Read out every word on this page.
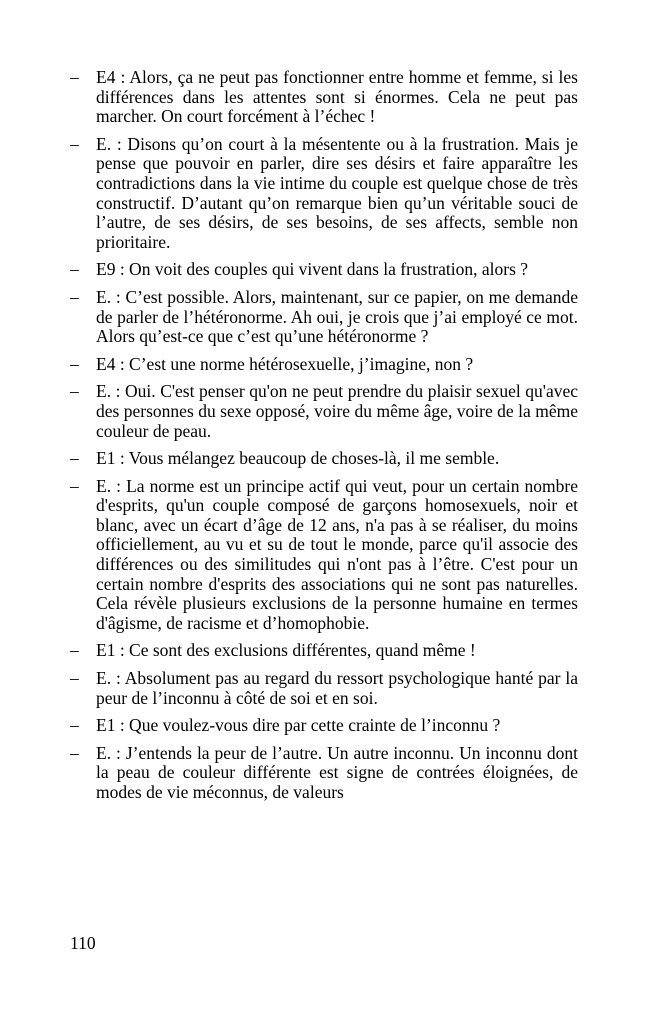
– E4 : Alors, ça ne peut pas fonctionner entre homme et femme, si les différences dans les attentes sont si énormes. Cela ne peut pas marcher. On court forcément à l’échec !
– E. : Disons qu’on court à la mésentente ou à la frustration. Mais je pense que pouvoir en parler, dire ses désirs et faire apparaître les contradictions dans la vie intime du couple est quelque chose de très constructif. D’autant qu’on remarque bien qu’un véritable souci de l’autre, de ses désirs, de ses besoins, de ses affects, semble non prioritaire.
– E9 : On voit des couples qui vivent dans la frustration, alors ?
– E. : C’est possible. Alors, maintenant, sur ce papier, on me demande de parler de l’hétéronorme. Ah oui, je crois que j’ai employé ce mot. Alors qu’est-ce que c’est qu’une hétéronorme ?
– E4 : C’est une norme hétérosexuelle, j’imagine, non ?
– E. : Oui. C'est penser qu'on ne peut prendre du plaisir sexuel qu'avec des personnes du sexe opposé, voire du même âge, voire de la même couleur de peau.
– E1 : Vous mélangez beaucoup de choses-là, il me semble.
– E. : La norme est un principe actif qui veut, pour un certain nombre d'esprits, qu'un couple composé de garçons homosexuels, noir et blanc, avec un écart d’âge de 12 ans, n'a pas à se réaliser, du moins officiellement, au vu et su de tout le monde, parce qu'il associe des différences ou des similitudes qui n'ont pas à l’être. C'est pour un certain nombre d'esprits des associations qui ne sont pas naturelles. Cela révèle plusieurs exclusions de la personne humaine en termes d'âgisme, de racisme et d’homophobie.
– E1 : Ce sont des exclusions différentes, quand même !
– E. : Absolument pas au regard du ressort psychologique hanté par la peur de l’inconnu à côté de soi et en soi.
– E1 : Que voulez-vous dire par cette crainte de l’inconnu ?
– E. : J’entends la peur de l’autre. Un autre inconnu. Un inconnu dont la peau de couleur différente est signe de contrées éloignées, de modes de vie méconnus, de valeurs
110
